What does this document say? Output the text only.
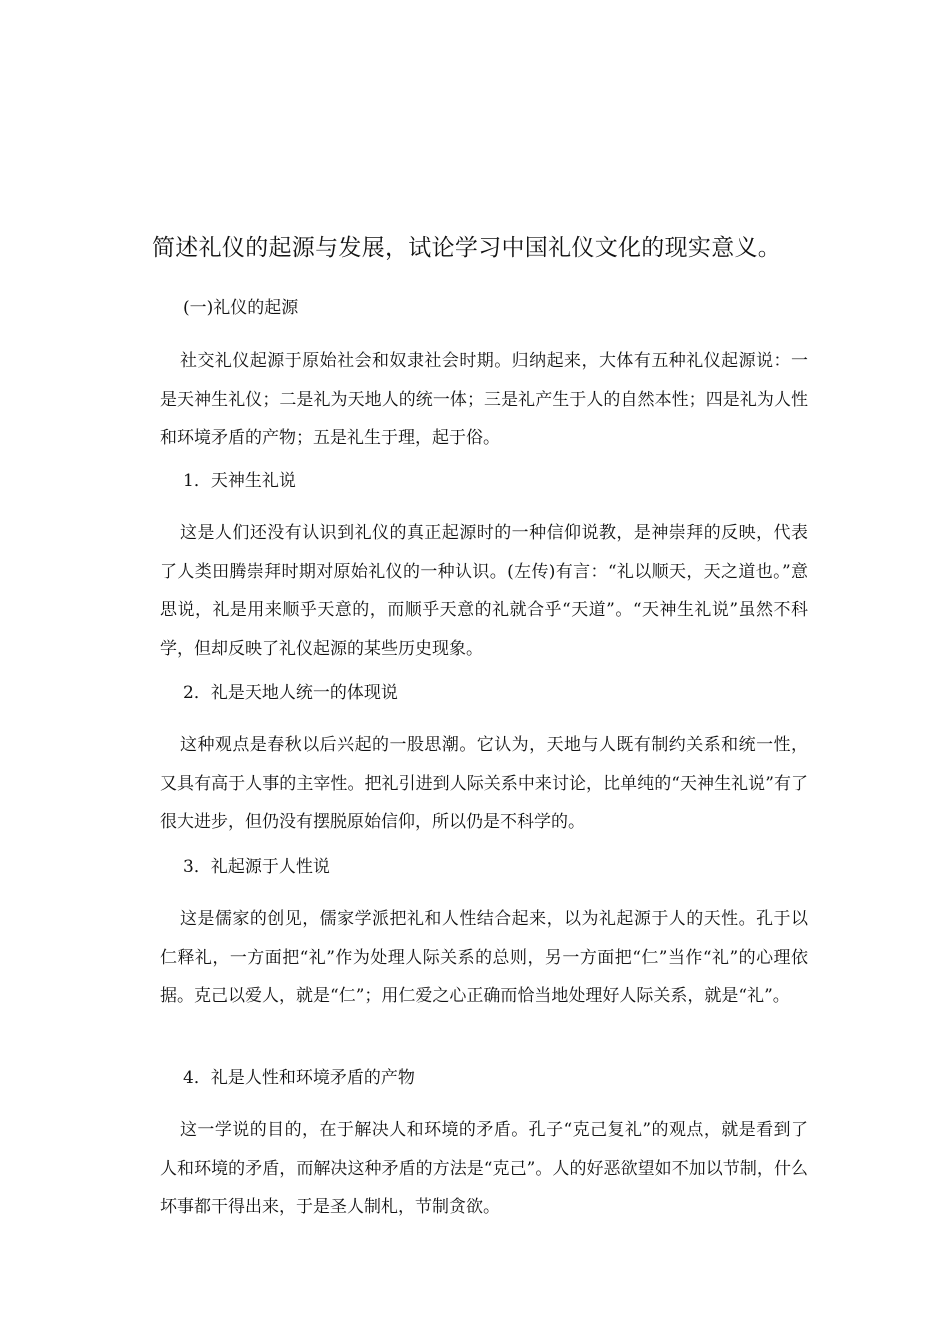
简述礼仪的起源与发展，试论学习中国礼仪文化的现实意义。
(一)礼仪的起源
社交礼仪起源于原始社会和奴隶社会时期。归纳起来，大体有五种礼仪起源说：一是天神生礼仪；二是礼为天地人的统一体；三是礼产生于人的自然本性；四是礼为人性和环境矛盾的产物；五是礼生于理，起于俗。
1．天神生礼说
这是人们还没有认识到礼仪的真正起源时的一种信仰说教，是神崇拜的反映，代表了人类田腾崇拜时期对原始礼仪的一种认识。(左传)有言：“礼以顺天，天之道也。”意思说，礼是用来顺乎天意的，而顺乎天意的礼就合乎“天道”。“天神生礼说”虽然不科学，但却反映了礼仪起源的某些历史现象。
2．礼是天地人统一的体现说
这种观点是春秋以后兴起的一股思潮。它认为，天地与人既有制约关系和统一性，又具有高于人事的主宰性。把礼引进到人际关系中来讨论，比单纯的“天神生礼说”有了很大进步，但仍没有摆脱原始信仰，所以仍是不科学的。
3．礼起源于人性说
这是儒家的创见，儒家学派把礼和人性结合起来，以为礼起源于人的天性。孔于以仁释礼，一方面把“礼”作为处理人际关系的总则，另一方面把“仁”当作“礼”的心理依据。克己以爱人，就是“仁”；用仁爱之心正确而恰当地处理好人际关系，就是“礼”。
4．礼是人性和环境矛盾的产物
这一学说的目的，在于解决人和环境的矛盾。孔子“克己复礼”的观点，就是看到了人和环境的矛盾，而解决这种矛盾的方法是“克己”。人的好恶欲望如不加以节制，什么坏事都干得出来，于是圣人制札，节制贪欲。
